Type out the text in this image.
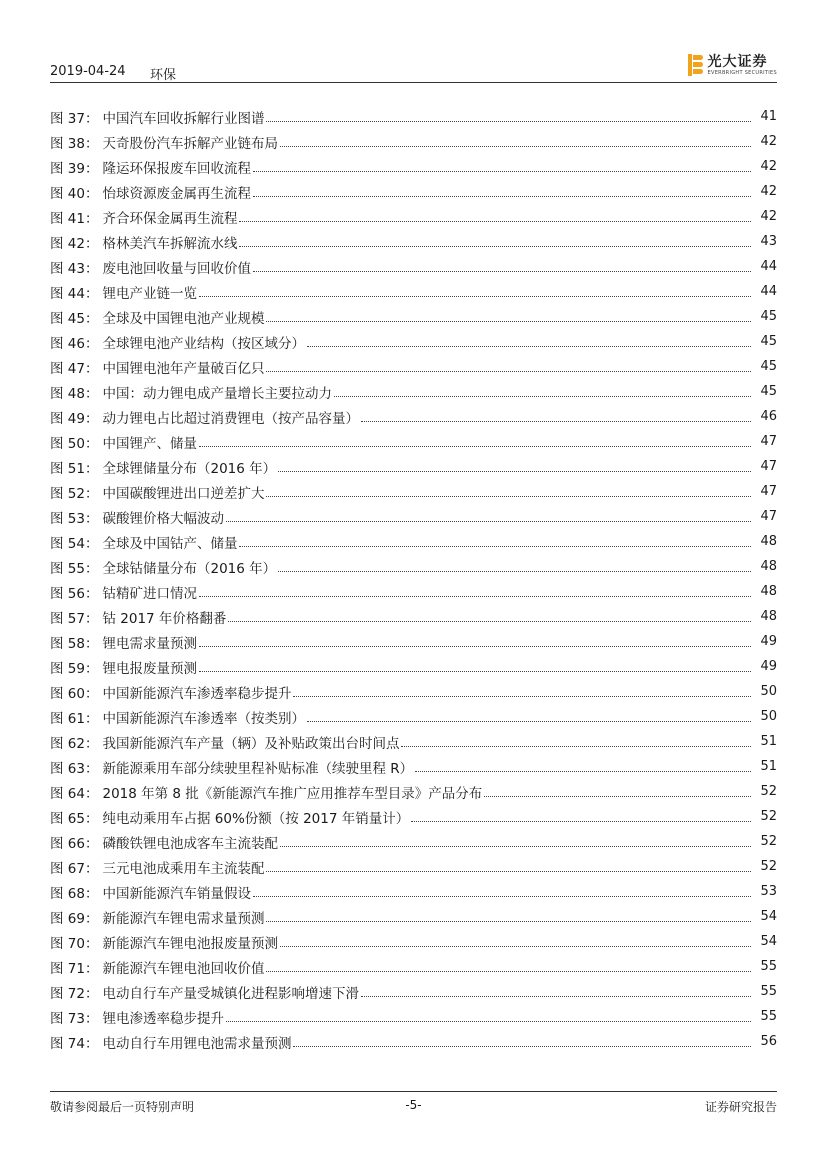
2019-04-24 环保
光大证券
EVERBRIGHT SECURITIES
图 37： 中国汽车回收拆解行业图谱	41
图 38： 天奇股份汽车拆解产业链布局	42
图 39： 隆运环保报废车回收流程	42
图 40： 怡球资源废金属再生流程	42
图 41： 齐合环保金属再生流程	42
图 42： 格林美汽车拆解流水线	43
图 43： 废电池回收量与回收价值	44
图 44： 锂电产业链一览	44
图 45： 全球及中国锂电池产业规模	45
图 46： 全球锂电池产业结构（按区域分）	45
图 47： 中国锂电池年产量破百亿只	45
图 48： 中国：动力锂电成产量增长主要拉动力	45
图 49： 动力锂电占比超过消费锂电（按产品容量）	46
图 50： 中国锂产、储量	47
图 51： 全球锂储量分布（2016 年）	47
图 52： 中国碳酸锂进出口逆差扩大	47
图 53： 碳酸锂价格大幅波动	47
图 54： 全球及中国钴产、储量	48
图 55： 全球钴储量分布（2016 年）	48
图 56： 钴精矿进口情况	48
图 57： 钴 2017 年价格翻番	48
图 58： 锂电需求量预测	49
图 59： 锂电报废量预测	49
图 60： 中国新能源汽车渗透率稳步提升	50
图 61： 中国新能源汽车渗透率（按类别）	50
图 62： 我国新能源汽车产量（辆）及补贴政策出台时间点	51
图 63： 新能源乘用车部分续驶里程补贴标准（续驶里程 R）	51
图 64： 2018 年第 8 批《新能源汽车推广应用推荐车型目录》产品分布	52
图 65： 纯电动乘用车占据 60%份额（按 2017 年销量计）	52
图 66： 磷酸铁锂电池成客车主流装配	52
图 67： 三元电池成乘用车主流装配	52
图 68： 中国新能源汽车销量假设	53
图 69： 新能源汽车锂电需求量预测	54
图 70： 新能源汽车锂电池报废量预测	54
图 71： 新能源汽车锂电池回收价值	55
图 72： 电动自行车产量受城镇化进程影响增速下滑	55
图 73： 锂电渗透率稳步提升	55
图 74： 电动自行车用锂电池需求量预测	56
敬请参阅最后一页特别声明	-5-	证券研究报告
